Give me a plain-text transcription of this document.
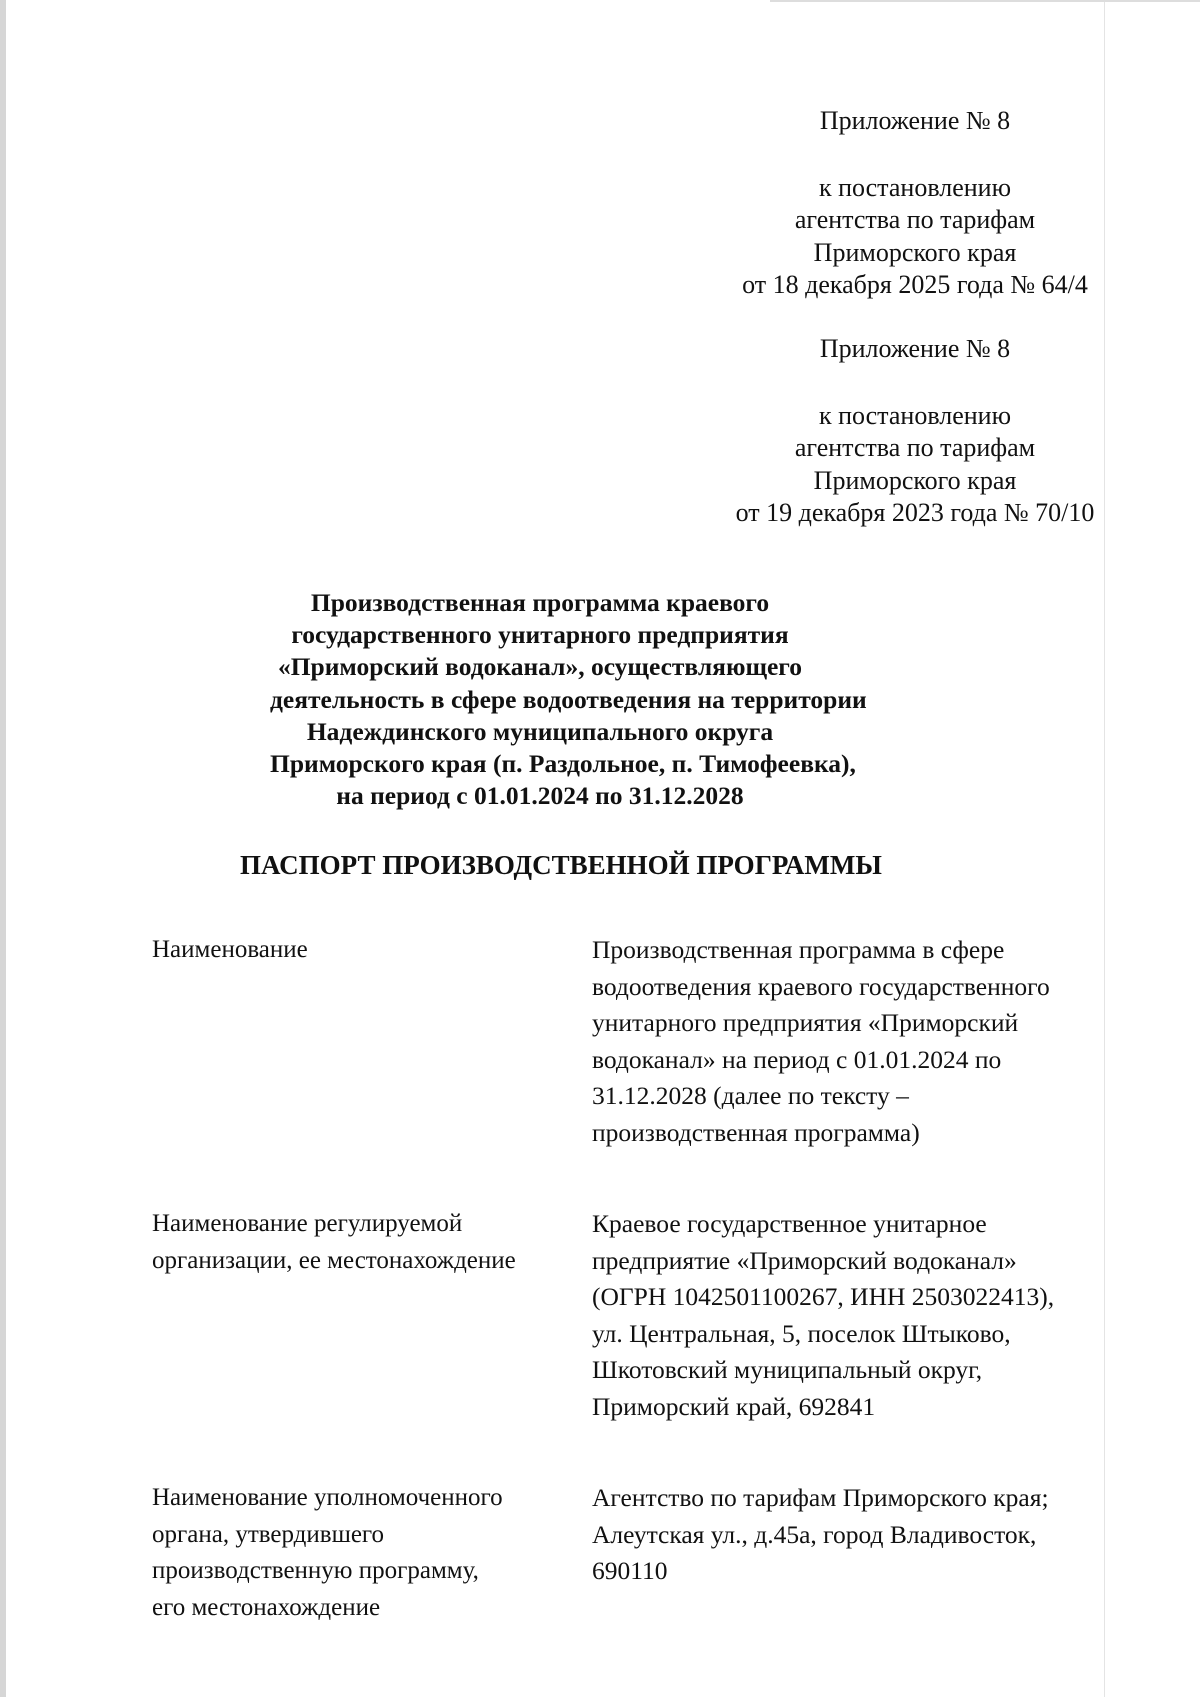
Приложение № 8

к постановлению

агентства по тарифам

Приморского края

от 18 декабря 2025 года № 64/4

Приложение № 8

к постановлению

агентства по тарифам

Приморского края

от 19 декабря 2023 года № 70/10

Производственная программа краевого

государственного унитарного предприятия

«Приморский водоканал», осуществляющего

деятельность в сфере водоотведения на территории

Надеждинского муниципального округа

Приморского края (п. Раздольное, п. Тимофеевка),

на период с 01.01.2024 по 31.12.2028

ПАСПОРТ ПРОИЗВОДСТВЕННОЙ ПРОГРАММЫ

Наименование	Производственная программа в сфере

водоотведения краевого государственного

унитарного предприятия «Приморский

водоканал» на период с 01.01.2024 по

31.12.2028 (далее по тексту –

производственная программа)

Наименование регулируемой

организации, ее местонахождение

Краевое государственное унитарное

предприятие «Приморский водоканал»

(ОГРН 1042501100267, ИНН 2503022413),

ул. Центральная, 5, поселок Штыково,

Шкотовский муниципальный округ,

Приморский край, 692841

Наименование уполномоченного

органа, утвердившего

производственную программу,

его местонахождение

Агентство по тарифам Приморского края;

Алеутская ул., д.45а, город Владивосток,

690110
